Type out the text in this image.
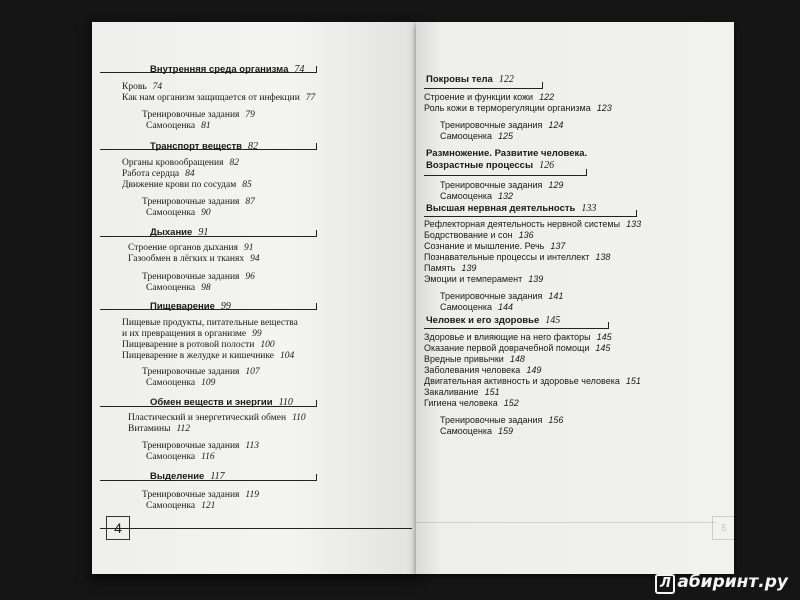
Внутренняя среда организма 74
Кровь 74
Как нам организм защищается от инфекции 77
Тренировочные задания 79
Самооценка 81
Транспорт веществ 82
Органы кровообращения 82
Работа сердца 84
Движение крови по сосудам 85
Тренировочные задания 87
Самооценка 90
Дыхание 91
Строение органов дыхания 91
Газообмен в лёгких и тканях 94
Тренировочные задания 96
Самооценка 98
Пищеварение 99
Пищевые продукты, питательные вещества
и их превращения в организме 99
Пищеварение в ротовой полости 100
Пищеварение в желудке и кишечнике 104
Тренировочные задания 107
Самооценка 109
Обмен веществ и энергии 110
Пластический и энергетический обмен 110
Витамины 112
Тренировочные задания 113
Самооценка 116
Выделение 117
Тренировочные задания 119
Самооценка 121
4
Покровы тела 122
Строение и функции кожи 122
Роль кожи в терморегуляции организма 123
Тренировочные задания 124
Самооценка 125
Размножение. Развитие человека.
Возрастные процессы 126
Тренировочные задания 129
Самооценка 132
Высшая нервная деятельность 133
Рефлекторная деятельность нервной системы 133
Бодрствование и сон 136
Сознание и мышление. Речь 137
Познавательные процессы и интеллект 138
Память 139
Эмоции и темперамент 139
Тренировочные задания 141
Самооценка 144
Человек и его здоровье 145
Здоровье и влияющие на него факторы 145
Оказание первой доврачебной помощи 145
Вредные привычки 148
Заболевания человека 149
Двигательная активность и здоровье человека 151
Закаливание 151
Гигиена человека 152
Тренировочные задания 156
Самооценка 159
5
Л абиринт.ру
